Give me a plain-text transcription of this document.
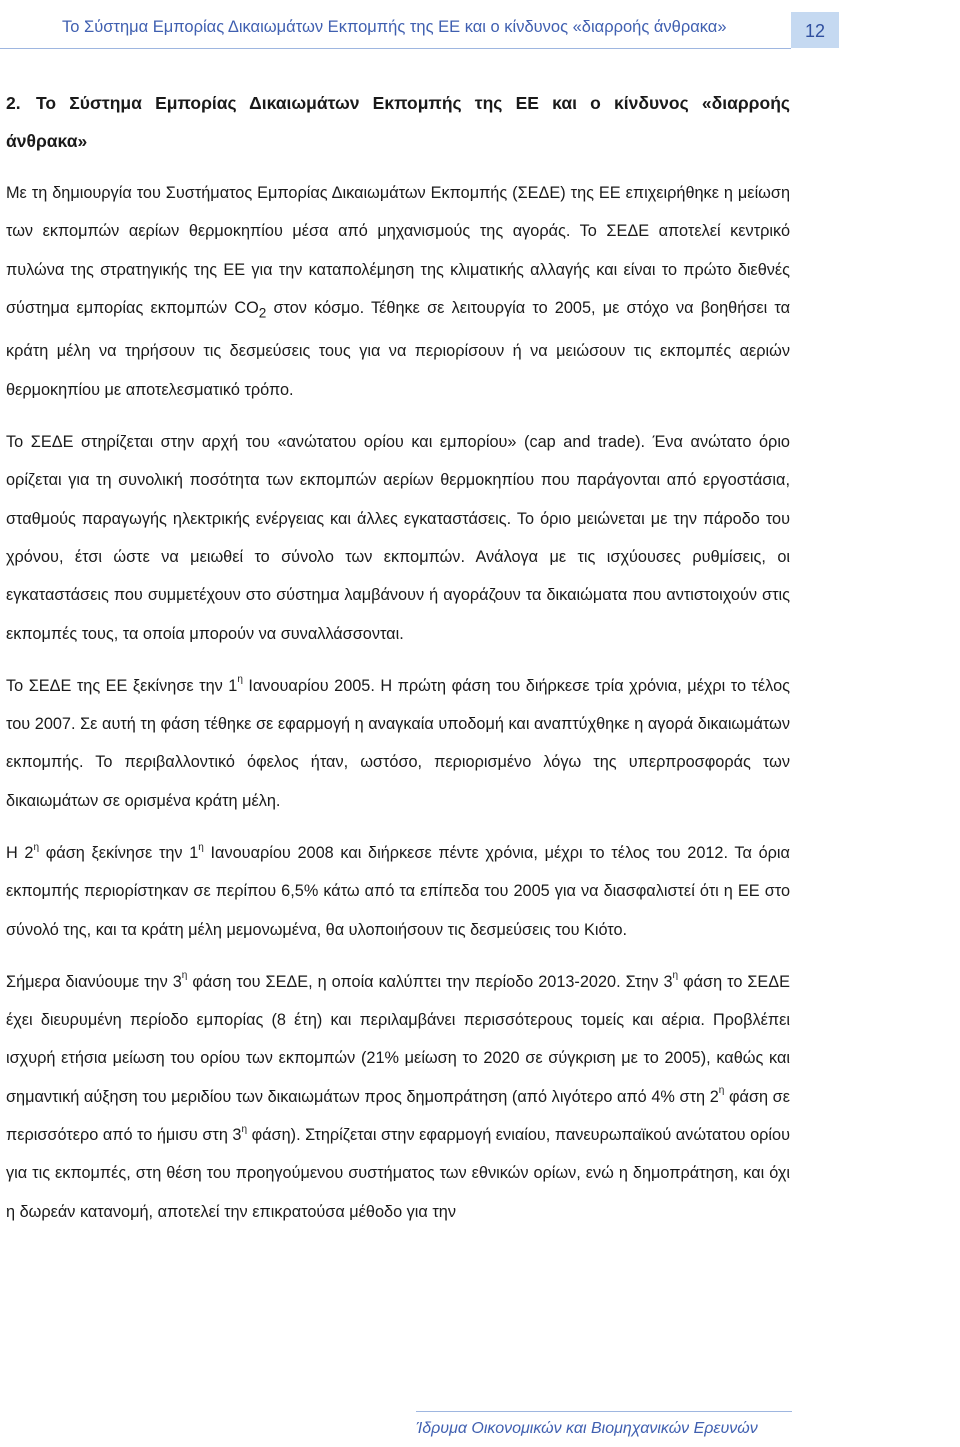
Το Σύστημα Εμπορίας Δικαιωμάτων Εκπομπής της ΕΕ και ο κίνδυνος «διαρροής άνθρακα»	12
2. Το Σύστημα Εμπορίας Δικαιωμάτων Εκπομπής της ΕΕ και ο κίνδυνος «διαρροής άνθρακα»

Με τη δημιουργία του Συστήματος Εμπορίας Δικαιωμάτων Εκπομπής (ΣΕΔΕ) της ΕΕ επιχειρήθηκε η μείωση των εκπομπών αερίων θερμοκηπίου μέσα από μηχανισμούς της αγοράς. Το ΣΕΔΕ αποτελεί κεντρικό πυλώνα της στρατηγικής της ΕΕ για την καταπολέμηση της κλιματικής αλλαγής και είναι το πρώτο διεθνές σύστημα εμπορίας εκπομπών $CO_2$ στον κόσμο. Τέθηκε σε λειτουργία το 2005, με στόχο να βοηθήσει τα κράτη μέλη να τηρήσουν τις δεσμεύσεις τους για να περιορίσουν ή να μειώσουν τις εκπομπές αεριών θερμοκηπίου με αποτελεσματικό τρόπο.

Το ΣΕΔΕ στηρίζεται στην αρχή του «ανώτατου ορίου και εμπορίου» (cap and trade). Ένα ανώτατο όριο ορίζεται για τη συνολική ποσότητα των εκπομπών αερίων θερμοκηπίου που παράγονται από εργοστάσια, σταθμούς παραγωγής ηλεκτρικής ενέργειας και άλλες εγκαταστάσεις. Το όριο μειώνεται με την πάροδο του χρόνου, έτσι ώστε να μειωθεί το σύνολο των εκπομπών. Ανάλογα με τις ισχύουσες ρυθμίσεις, οι εγκαταστάσεις που συμμετέχουν στο σύστημα λαμβάνουν ή αγοράζουν τα δικαιώματα που αντιστοιχούν στις εκπομπές τους, τα οποία μπορούν να συναλλάσσονται.

Το ΣΕΔΕ της ΕΕ ξεκίνησε την $1^\eta$ Ιανουαρίου 2005. Η πρώτη φάση του διήρκεσε τρία χρόνια, μέχρι το τέλος του 2007. Σε αυτή τη φάση τέθηκε σε εφαρμογή η αναγκαία υποδομή και αναπτύχθηκε η αγορά δικαιωμάτων εκπομπής. Το περιβαλλοντικό όφελος ήταν, ωστόσο, περιορισμένο λόγω της υπερπροσφοράς των δικαιωμάτων σε ορισμένα κράτη μέλη.

Η $2^\eta$ φάση ξεκίνησε την $1^\eta$ Ιανουαρίου 2008 και διήρκεσε πέντε χρόνια, μέχρι το τέλος του 2012. Τα όρια εκπομπής περιορίστηκαν σε περίπου 6,5% κάτω από τα επίπεδα του 2005 για να διασφαλιστεί ότι η ΕΕ στο σύνολό της, και τα κράτη μέλη μεμονωμένα, θα υλοποιήσουν τις δεσμεύσεις του Κιότο.

Σήμερα διανύουμε την $3^\eta$ φάση του ΣΕΔΕ, η οποία καλύπτει την περίοδο 2013-2020. Στην $3^\eta$ φάση το ΣΕΔΕ έχει διευρυμένη περίοδο εμπορίας (8 έτη) και περιλαμβάνει περισσότερους τομείς και αέρια. Προβλέπει ισχυρή ετήσια μείωση του ορίου των εκπομπών (21% μείωση το 2020 σε σύγκριση με το 2005), καθώς και σημαντική αύξηση του μεριδίου των δικαιωμάτων προς δημοπράτηση (από λιγότερο από 4% στη $2^\eta$ φάση σε περισσότερο από το ήμισυ στη $3^\eta$ φάση). Στηρίζεται στην εφαρμογή ενιαίου, πανευρωπαϊκού ανώτατου ορίου για τις εκπομπές, στη θέση του προηγούμενου συστήματος των εθνικών ορίων, ενώ η δημοπράτηση, και όχι η δωρεάν κατανομή, αποτελεί την επικρατούσα μέθοδο για την

Ίδρυμα Οικονομικών και Βιομηχανικών Ερευνών
